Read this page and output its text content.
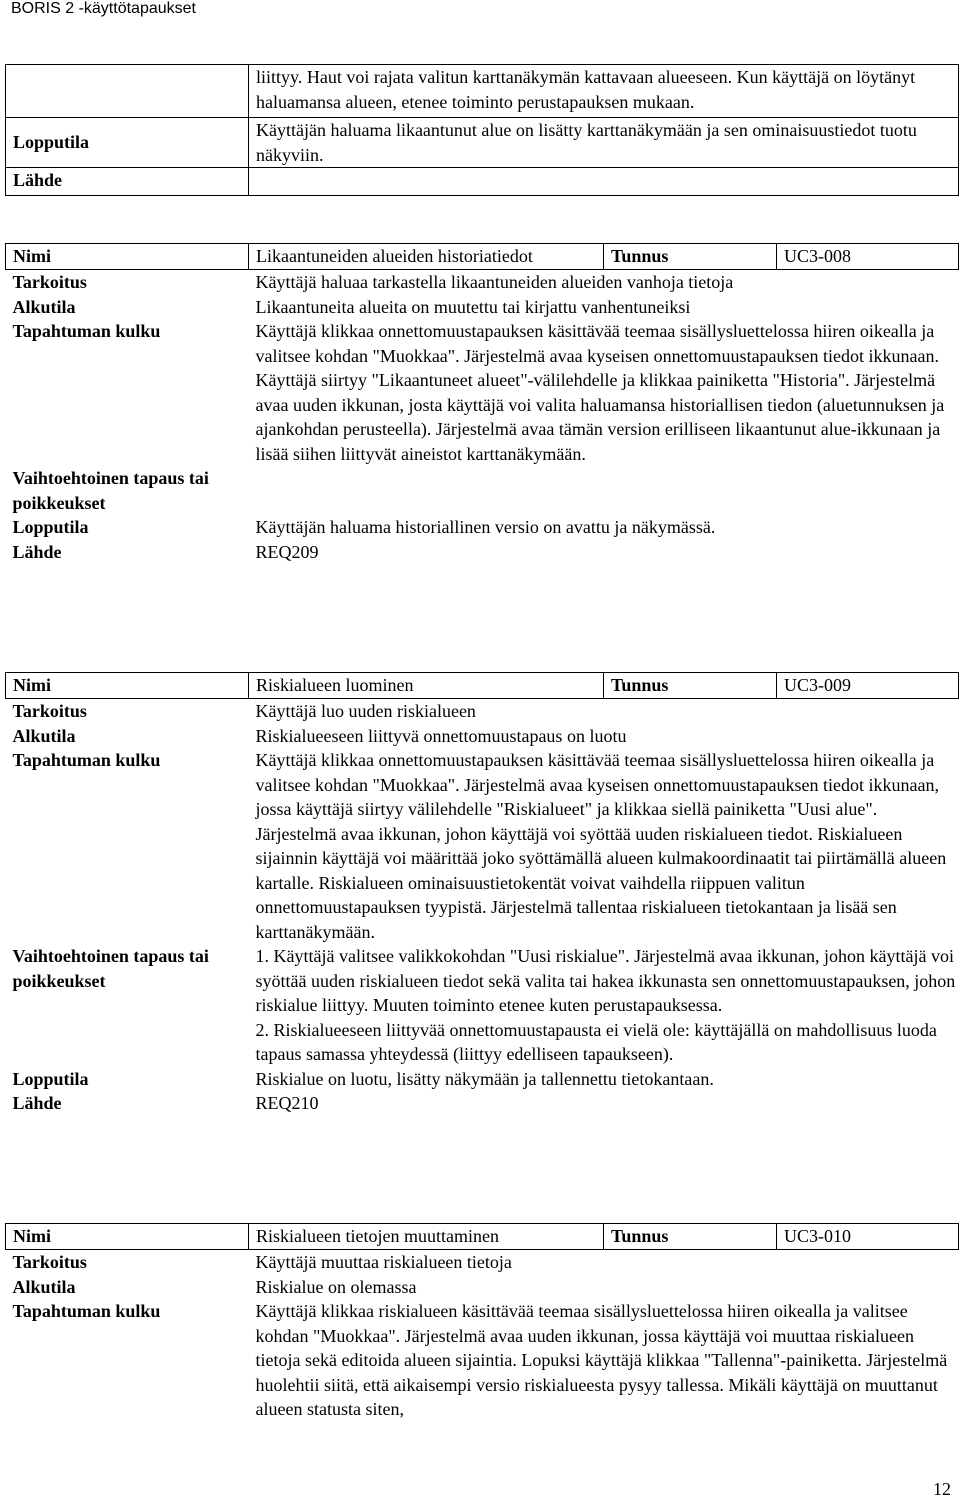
BORIS 2 -käyttötapaukset
	liittyy. Haut voi rajata valitun karttanäkymän kattavaan alueeseen. Kun käyttäjä on löytänyt haluamansa alueen, etenee toiminto perustapauksen mukaan.
Lopputila	Käyttäjän haluama likaantunut alue on lisätty karttanäkymään ja sen ominaisuustiedot tuotu näkyviin.
Lähde	
Nimi	Likaantuneiden alueiden historiatiedot	Tunnus	UC3-008
Tarkoitus	Käyttäjä haluaa tarkastella likaantuneiden alueiden vanhoja tietoja		
Alkutila	Likaantuneita alueita on muutettu tai kirjattu vanhentuneiksi		
Tapahtuman kulku	Käyttäjä klikkaa onnettomuustapauksen käsittävää teemaa sisällysluettelossa hiiren oikealla ja valitsee kohdan "Muokkaa". Järjestelmä avaa kyseisen onnettomuustapauksen tiedot ikkunaan. Käyttäjä siirtyy "Likaantuneet alueet"-välilehdelle ja klikkaa painiketta "Historia". Järjestelmä avaa uuden ikkunan, josta käyttäjä voi valita haluamansa historiallisen tiedon (aluetunnuksen ja ajankohdan perusteella). Järjestelmä avaa tämän version erilliseen likaantunut alue-ikkunaan ja lisää siihen liittyvät aineistot karttanäkymään.		
Vaihtoehtoinen tapaus tai poikkeukset			
Lopputila	Käyttäjän haluama historiallinen versio on avattu ja näkymässä.		
Lähde	REQ209		
Nimi	Riskialueen luominen	Tunnus	UC3-009
Tarkoitus	Käyttäjä luo uuden riskialueen		
Alkutila	Riskialueeseen liittyvä onnettomuustapaus on luotu		
Tapahtuman kulku	Käyttäjä klikkaa onnettomuustapauksen käsittävää teemaa sisällysluettelossa hiiren oikealla ja valitsee kohdan "Muokkaa". Järjestelmä avaa kyseisen onnettomuustapauksen tiedot ikkunaan, jossa käyttäjä siirtyy välilehdelle "Riskialueet" ja klikkaa siellä painiketta "Uusi alue". Järjestelmä avaa ikkunan, johon käyttäjä voi syöttää uuden riskialueen tiedot. Riskialueen sijainnin käyttäjä voi määrittää joko syöttämällä alueen kulmakoordinaatit tai piirtämällä alueen kartalle. Riskialueen ominaisuustietokentät voivat vaihdella riippuen valitun onnettomuustapauksen tyypistä. Järjestelmä tallentaa riskialueen tietokantaan ja lisää sen karttanäkymään.		
Vaihtoehtoinen tapaus tai poikkeukset	1. Käyttäjä valitsee valikkokohdan "Uusi riskialue". Järjestelmä avaa ikkunan, johon käyttäjä voi syöttää uuden riskialueen tiedot sekä valita tai hakea ikkunasta sen onnettomuustapauksen, johon riskialue liittyy. Muuten toiminto etenee kuten perustapauksessa.

2. Riskialueeseen liittyvää onnettomuustapausta ei vielä ole: käyttäjällä on mahdollisuus luoda tapaus samassa yhteydessä (liittyy edelliseen tapaukseen).		

Lopputila	Riskialue on luotu, lisätty näkymään ja tallennettu tietokantaan.		
Lähde	REQ210		
Nimi	Riskialueen tietojen muuttaminen	Tunnus	UC3-010
Tarkoitus	Käyttäjä muuttaa riskialueen tietoja		
Alkutila	Riskialue on olemassa		
Tapahtuman kulku	Käyttäjä klikkaa riskialueen käsittävää teemaa sisällysluettelossa hiiren oikealla ja valitsee kohdan "Muokkaa". Järjestelmä avaa uuden ikkunan, jossa käyttäjä voi muuttaa riskialueen tietoja sekä editoida alueen sijaintia. Lopuksi käyttäjä klikkaa "Tallenna"-painiketta. Järjestelmä huolehtii siitä, että aikaisempi versio riskialueesta pysyy tallessa. Mikäli käyttäjä on muuttanut alueen statusta siten,		
12
